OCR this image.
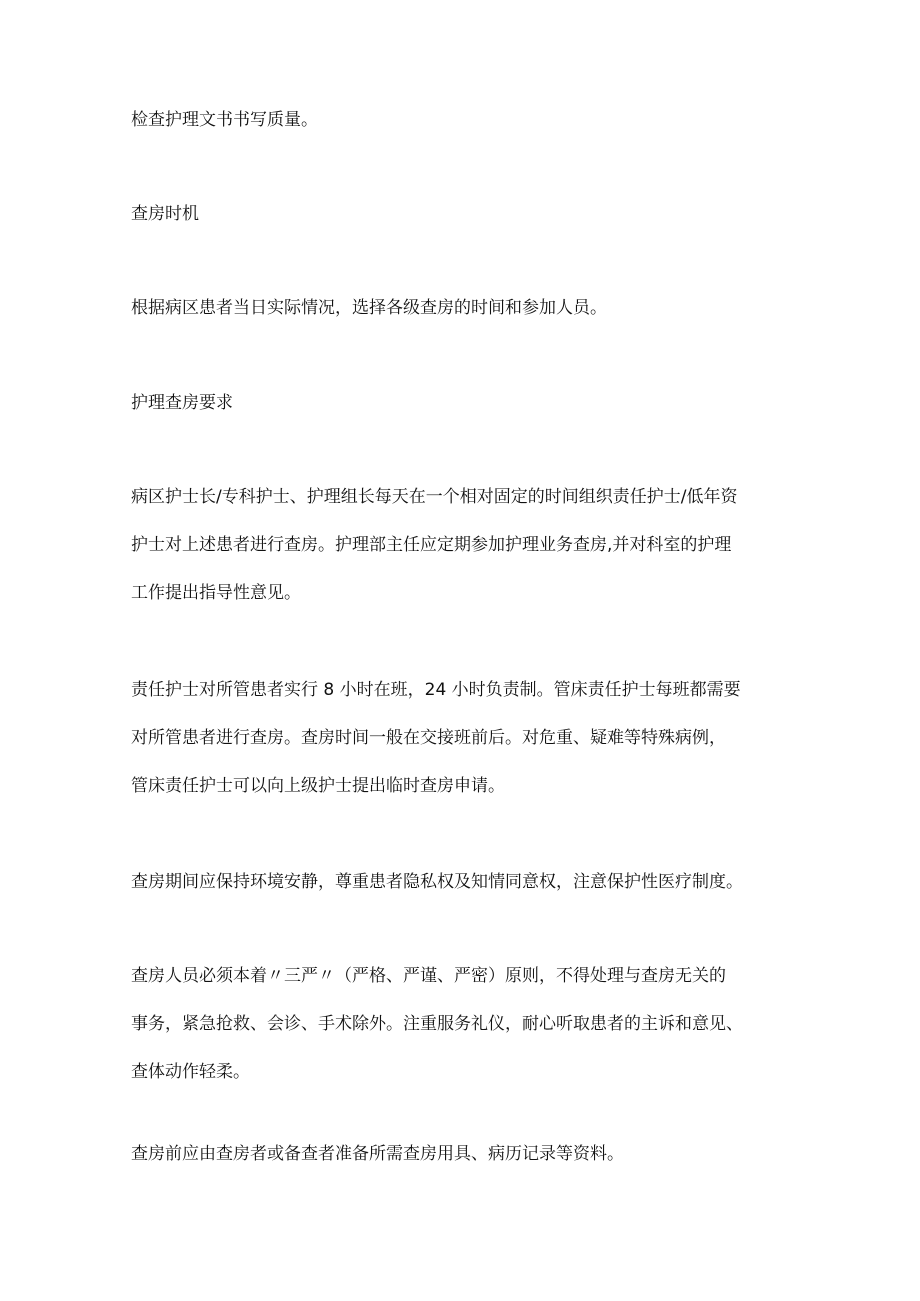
检查护理文书书写质量。

查房时机

根据病区患者当日实际情况，选择各级查房的时间和参加人员。

护理查房要求

病区护士长/专科护士、护理组长每天在一个相对固定的时间组织责任护士/低年资
护士对上述患者进行查房。护理部主任应定期参加护理业务查房,并对科室的护理
工作提出指导性意见。

责任护士对所管患者实行 8 小时在班，24 小时负责制。管床责任护士每班都需要
对所管患者进行查房。查房时间一般在交接班前后。对危重、疑难等特殊病例，
管床责任护士可以向上级护士提出临时查房申请。

查房期间应保持环境安静，尊重患者隐私权及知情同意权，注意保护性医疗制度。

查房人员必须本着〃三严〃（严格、严谨、严密）原则，不得处理与查房无关的
事务，紧急抢救、会诊、手术除外。注重服务礼仪，耐心听取患者的主诉和意见、
查体动作轻柔。

查房前应由查房者或备查者准备所需查房用具、病历记录等资料。
